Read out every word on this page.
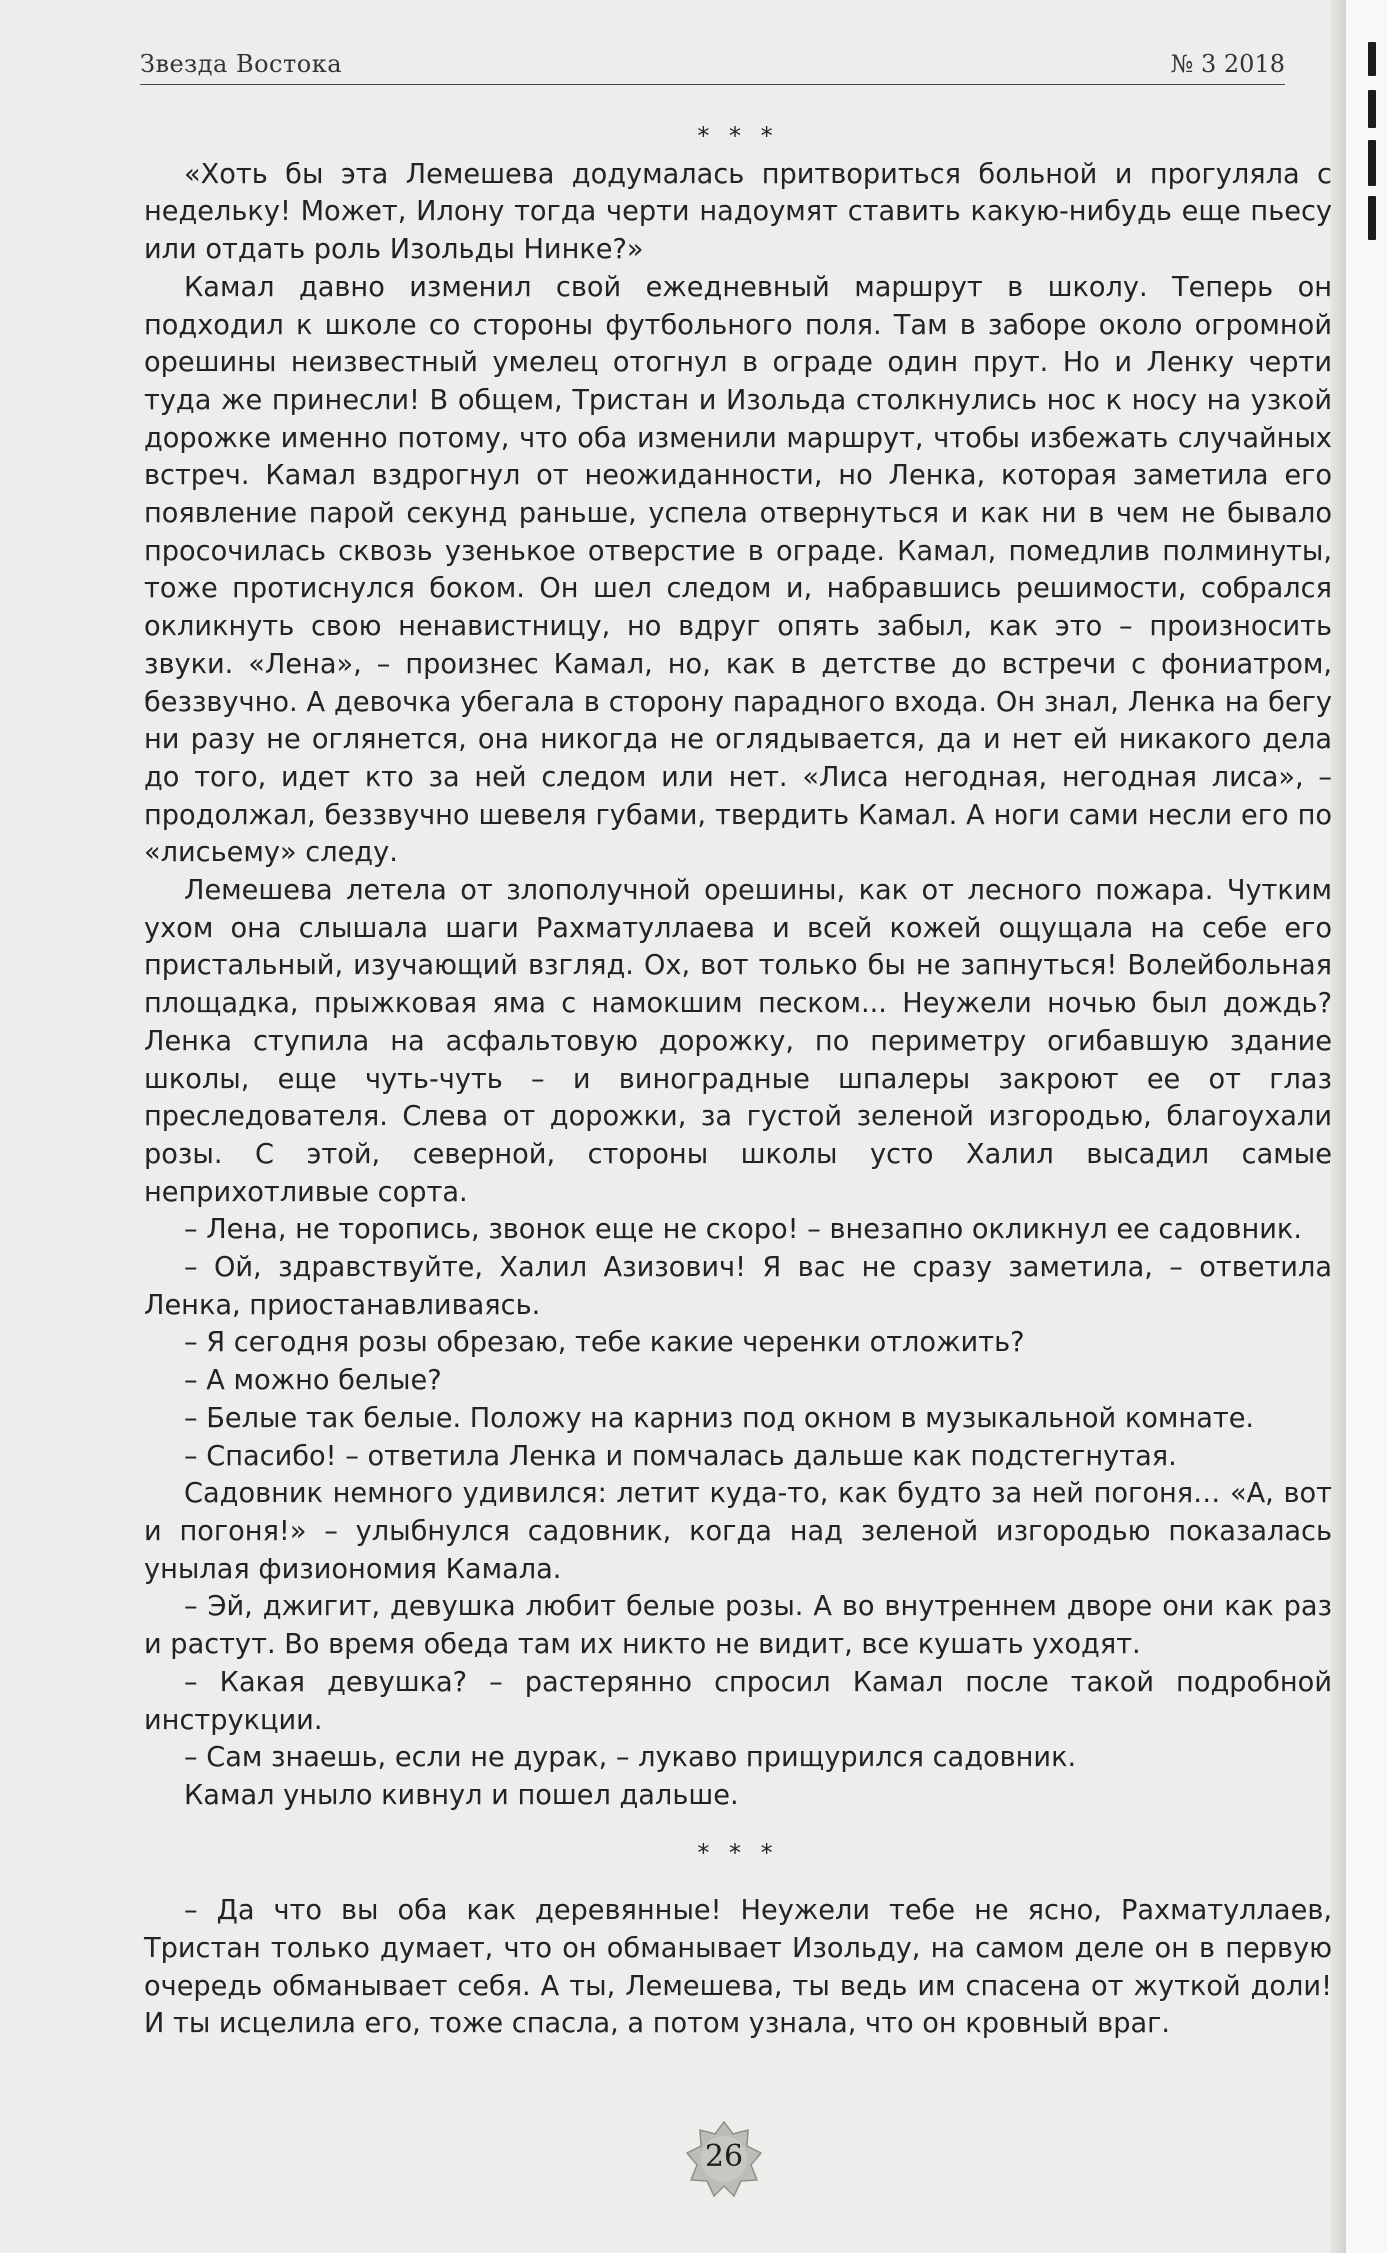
Звезда Востока	№ 3 2018

* * *

«Хоть бы эта Лемешева додумалась притвориться больной и прогуляла с недельку! Может, Илону тогда черти надоумят ставить какую-нибудь еще пьесу или отдать роль Изольды Нинке?»

Камал давно изменил свой ежедневный маршрут в школу. Теперь он подходил к школе со стороны футбольного поля. Там в заборе около огромной орешины неизвестный умелец отогнул в ограде один прут. Но и Ленку черти туда же принесли! В общем, Тристан и Изольда столкнулись нос к носу на узкой дорожке именно потому, что оба изменили маршрут, чтобы избежать случайных встреч. Камал вздрогнул от неожиданности, но Ленка, которая заметила его появление парой секунд раньше, успела отвернуться и как ни в чем не бывало просочилась сквозь узенькое отверстие в ограде. Камал, помедлив полминуты, тоже протиснулся боком. Он шел следом и, набравшись решимости, собрался окликнуть свою ненавистницу, но вдруг опять забыл, как это – произносить звуки. «Лена», – произнес Камал, но, как в детстве до встречи с фониатром, беззвучно. А девочка убегала в сторону парадного входа. Он знал, Ленка на бегу ни разу не оглянется, она никогда не оглядывается, да и нет ей никакого дела до того, идет кто за ней следом или нет. «Лиса негодная, негодная лиса», – продолжал, беззвучно шевеля губами, твердить Камал. А ноги сами несли его по «лисьему» следу.

Лемешева летела от злополучной орешины, как от лесного пожара. Чутким ухом она слышала шаги Рахматуллаева и всей кожей ощущала на себе его пристальный, изучающий взгляд. Ох, вот только бы не запнуться! Волейбольная площадка, прыжковая яма с намокшим песком... Неужели ночью был дождь? Ленка ступила на асфальтовую дорожку, по периметру огибавшую здание школы, еще чуть-чуть – и виноградные шпалеры закроют ее от глаз преследователя. Слева от дорожки, за густой зеленой изгородью, благоухали розы. С этой, северной, стороны школы усто Халил высадил самые неприхотливые сорта.

– Лена, не торопись, звонок еще не скоро! – внезапно окликнул ее садовник.

– Ой, здравствуйте, Халил Азизович! Я вас не сразу заметила, – ответила Ленка, приостанавливаясь.

– Я сегодня розы обрезаю, тебе какие черенки отложить?

– А можно белые?

– Белые так белые. Положу на карниз под окном в музыкальной комнате.

– Спасибо! – ответила Ленка и помчалась дальше как подстегнутая.

Садовник немного удивился: летит куда-то, как будто за ней погоня… «А, вот и погоня!» – улыбнулся садовник, когда над зеленой изгородью показалась унылая физиономия Камала.

– Эй, джигит, девушка любит белые розы. А во внутреннем дворе они как раз и растут. Во время обеда там их никто не видит, все кушать уходят.

– Какая девушка? – растерянно спросил Камал после такой подробной инструкции.

– Сам знаешь, если не дурак, – лукаво прищурился садовник.

Камал уныло кивнул и пошел дальше.

* * *

– Да что вы оба как деревянные! Неужели тебе не ясно, Рахматуллаев, Тристан только думает, что он обманывает Изольду, на самом деле он в первую очередь обманывает себя. А ты, Лемешева, ты ведь им спасена от жуткой доли! И ты исцелила его, тоже спасла, а потом узнала, что он кровный враг.

26
